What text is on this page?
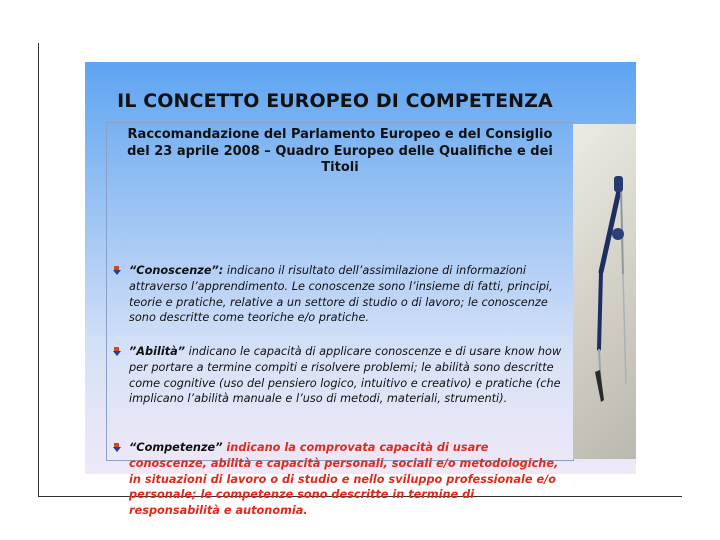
IL CONCETTO EUROPEO DI COMPETENZA
Raccomandazione del Parlamento Europeo e del Consiglio
del 23 aprile 2008 – Quadro Europeo delle Qualifiche e dei
Titoli
“Conoscenze”: indicano il risultato dell’assimilazione di informazioni attraverso l’apprendimento. Le conoscenze sono l’insieme di fatti, principi, teorie e pratiche, relative a un settore di studio o di lavoro; le conoscenze sono descritte come teoriche e/o pratiche.
”Abilità” indicano le capacità di applicare conoscenze e di usare know how per portare a termine compiti e risolvere problemi; le abilità sono descritte come cognitive (uso del pensiero logico, intuitivo e creativo) e pratiche (che implicano l’abilità manuale e l’uso di metodi, materiali, strumenti).
“Competenze” indicano la comprovata capacità di usare conoscenze, abilità e capacità personali, sociali e/o metodologiche, in situazioni di lavoro o di studio e nello sviluppo professionale e/o personale; le competenze sono descritte in termine di responsabilità e autonomia.
